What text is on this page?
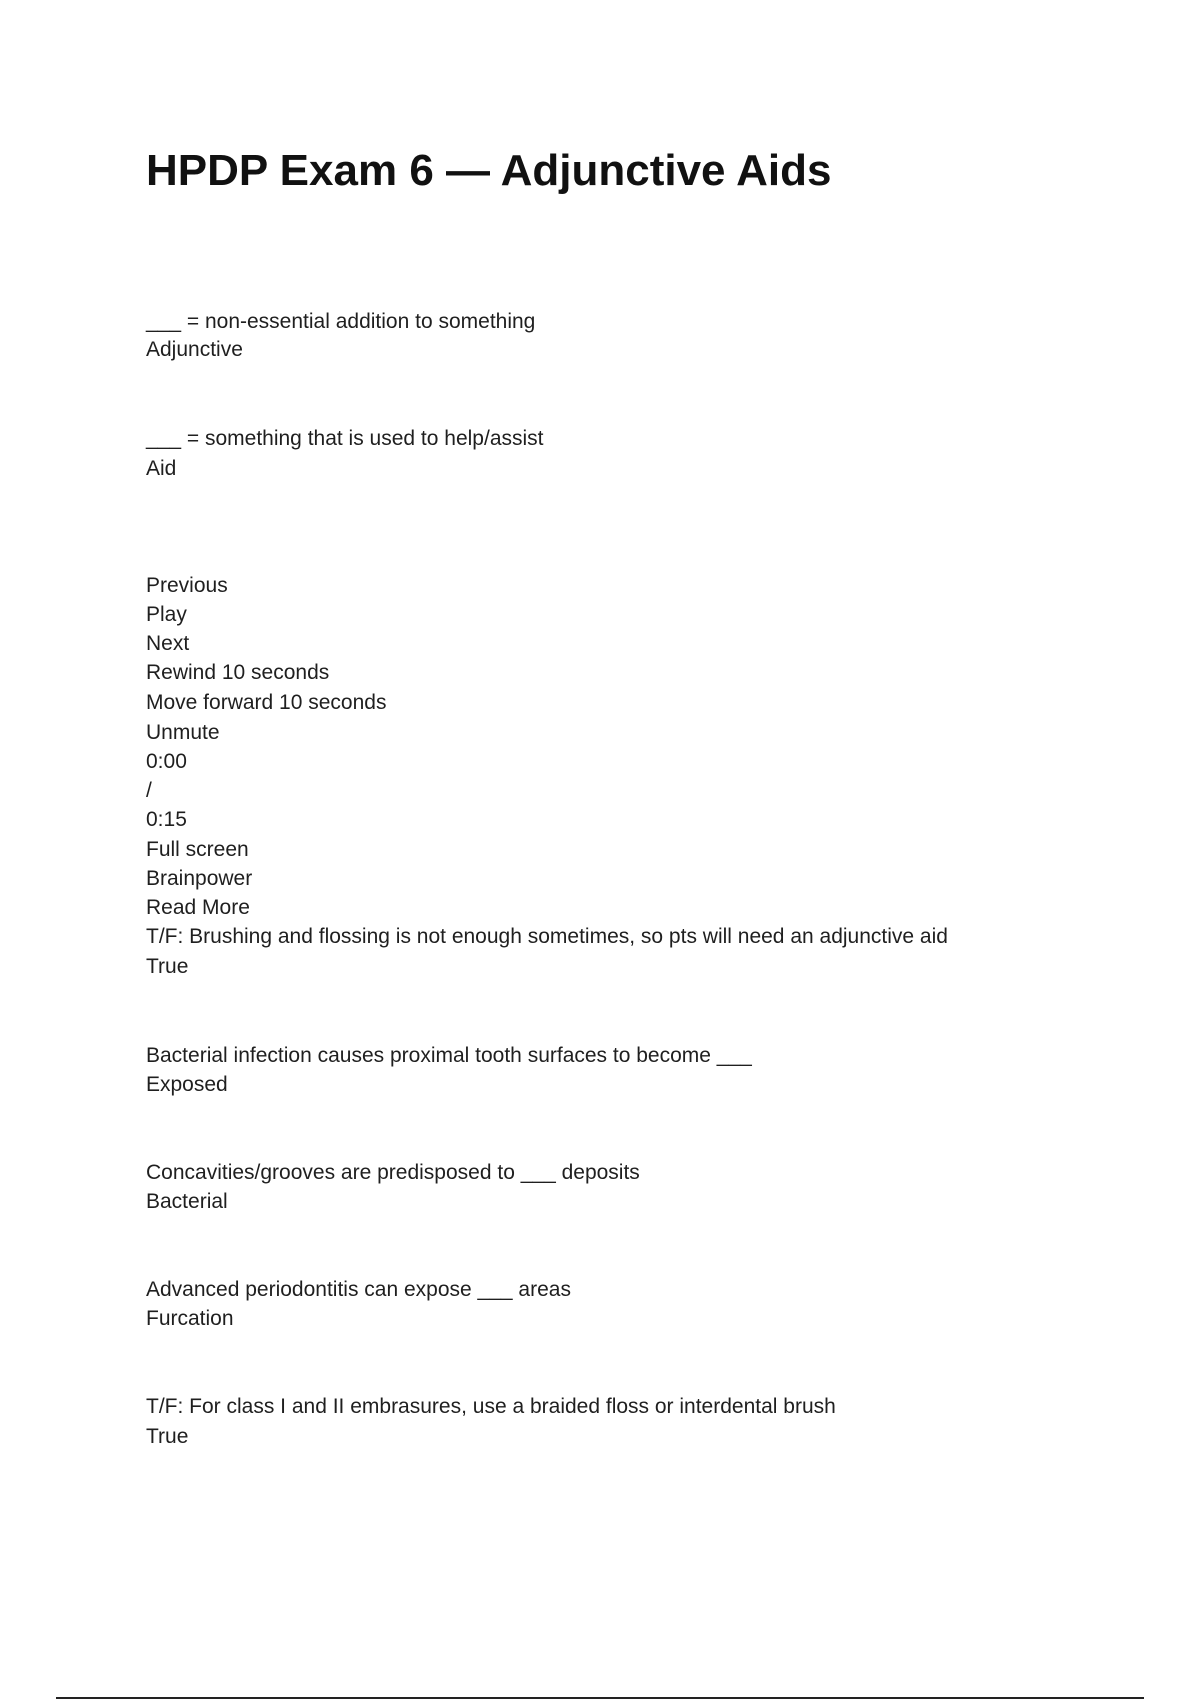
HPDP Exam 6 — Adjunctive Aids
___ = non-essential addition to something
Adjunctive
___ = something that is used to help/assist
Aid
Previous
Play
Next
Rewind 10 seconds
Move forward 10 seconds
Unmute
0:00
/
0:15
Full screen
Brainpower
Read More
T/F: Brushing and flossing is not enough sometimes, so pts will need an adjunctive aid
True
Bacterial infection causes proximal tooth surfaces to become ___
Exposed
Concavities/grooves are predisposed to ___ deposits
Bacterial
Advanced periodontitis can expose ___ areas
Furcation
T/F: For class I and II embrasures, use a braided floss or interdental brush
True
